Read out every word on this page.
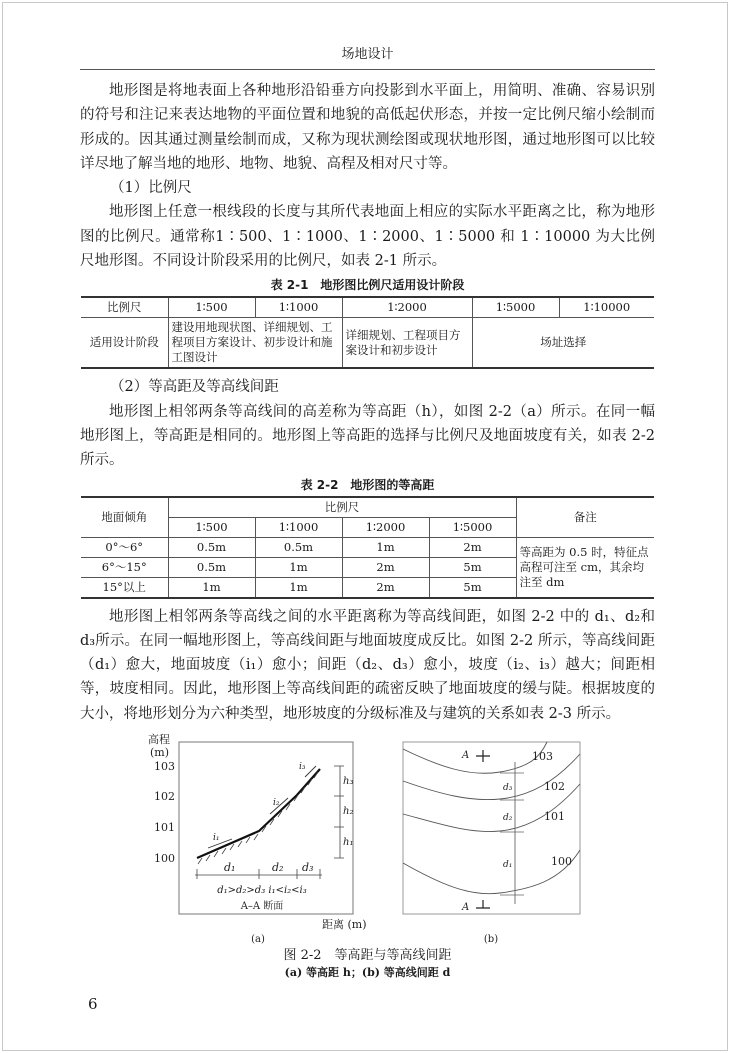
场地设计

地形图是将地表面上各种地形沿铅垂方向投影到水平面上，用简明、准确、容易识别的符号和注记来表达地物的平面位置和地貌的高低起伏形态，并按一定比例尺缩小绘制而形成的。因其通过测量绘制而成，又称为现状测绘图或现状地形图，通过地形图可以比较详尽地了解当地的地形、地物、地貌、高程及相对尺寸等。

（1）比例尺

地形图上任意一根线段的长度与其所代表地面上相应的实际水平距离之比，称为地形图的比例尺。通常称1∶500、1∶1000、1∶2000、1∶5000 和 1∶10000 为大比例尺地形图。不同设计阶段采用的比例尺，如表 2-1 所示。

表 2-1　地形图比例尺适用设计阶段
比例尺	1∶500	1∶1000	1∶2000	1∶5000	1∶10000
适用设计阶段	建设用地现状图、详细规划、工程项目方案设计、初步设计和施工图设计		详细规划、工程项目方案设计和初步设计	场址选择	
（2）等高距及等高线间距

地形图上相邻两条等高线间的高差称为等高距（h），如图 2-2（a）所示。在同一幅地形图上，等高距是相同的。地形图上等高距的选择与比例尺及地面坡度有关，如表 2-2 所示。

表 2-2　地形图的等高距
地面倾角	比例尺				备注
	1∶500	1∶1000	1∶2000	1∶5000	
0°～6°	0.5m	0.5m	1m	2m	等高距为 0.5 时，特征点高程可注至 cm，其余均注至 dm
6°～15°	0.5m	1m	2m	5m	
15°以上	1m	1m	2m	5m	

地形图上相邻两条等高线之间的水平距离称为等高线间距，如图 2-2 中的 d₁、d₂和 d₃所示。在同一幅地形图上，等高线间距与地面坡度成反比。如图 2-2 所示，等高线间距（d₁）愈大，地面坡度（i₁）愈小；间距（d₂、d₃）愈小，坡度（i₂、i₃）越大；间距相等，坡度相同。因此，地形图上等高线间距的疏密反映了地面坡度的缓与陡。根据坡度的大小，将地形划分为六种类型，地形坡度的分级标准及与建筑的关系如表 2-3 所示。

高程
(m)
103
102
101
100
i₁
i₂
i₃
h₃
h₂
h₁
d₁	d₂ d₃
d₁>d₂>d₃ i₁<i₂<i₃
A–A 断面
距离 (m)
(a)
d₃
d₂
d₁
103
102
101
100
A
A
(b)
图 2-2　等高距与等高线间距
(a) 等高距 h；(b) 等高线间距 d
6
